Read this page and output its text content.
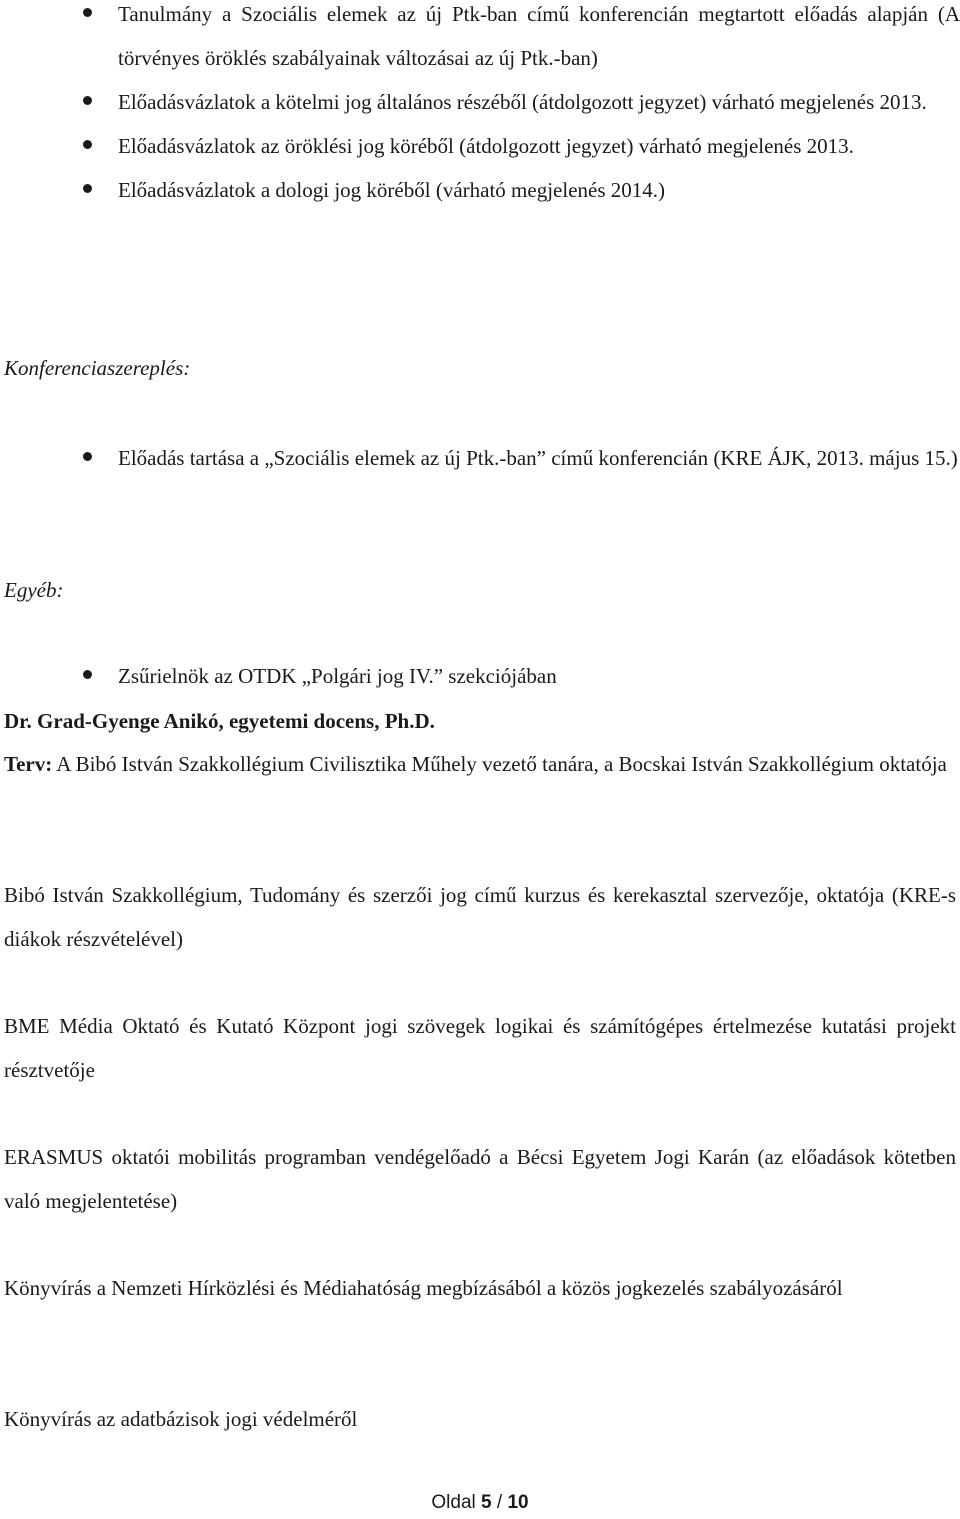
Tanulmány a Szociális elemek az új Ptk-ban című konferencián megtartott előadás alapján (A törvényes öröklés szabályainak változásai az új Ptk.-ban)
Előadásvázlatok a kötelmi jog általános részéből (átdolgozott jegyzet) várható megjelenés 2013.
Előadásvázlatok az öröklési jog köréből (átdolgozott jegyzet) várható megjelenés 2013.
Előadásvázlatok a dologi jog köréből (várható megjelenés 2014.)

Konferenciaszereplés:

Előadás tartása a „Szociális elemek az új Ptk.-ban” című konferencián (KRE ÁJK, 2013. május 15.)

Egyéb:

Zsűrielnök az OTDK „Polgári jog IV.” szekciójában

Dr. Grad-Gyenge Anikó, egyetemi docens, Ph.D.

Terv: A Bibó István Szakkollégium Civilisztika Műhely vezető tanára, a Bocskai István Szakkollégium oktatója

Bibó István Szakkollégium, Tudomány és szerzői jog című kurzus és kerekasztal szervezője, oktatója (KRE-s diákok részvételével)

BME Média Oktató és Kutató Központ jogi szövegek logikai és számítógépes értelmezése kutatási projekt résztvetője

ERASMUS oktatói mobilitás programban vendégelőadó a Bécsi Egyetem Jogi Karán (az előadások kötetben való megjelentetése)

Könyvírás a Nemzeti Hírközlési és Médiahatóság megbízásából a közös jogkezelés szabályozásáról

Könyvírás az adatbázisok jogi védelméről

Oldal 5 / 10
